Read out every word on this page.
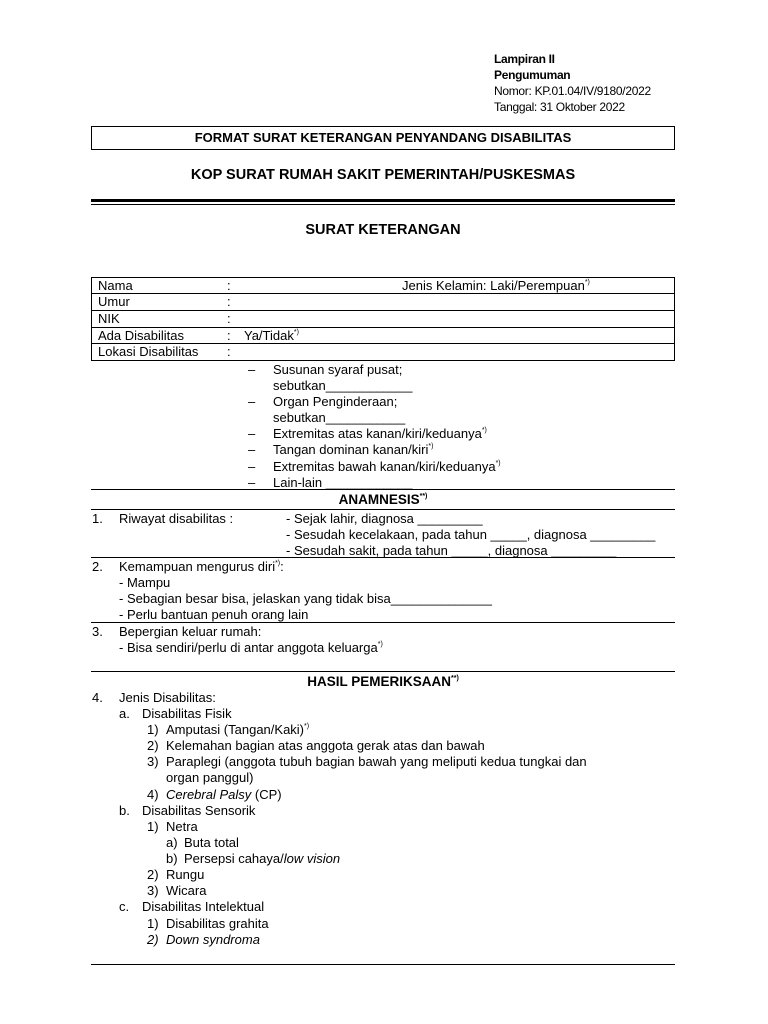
Lampiran II
Pengumuman
Nomor: KP.01.04/IV/9180/2022
Tanggal: 31 Oktober 2022
FORMAT SURAT KETERANGAN PENYANDANG DISABILITAS
KOP SURAT RUMAH SAKIT PEMERINTAH/PUSKESMAS
SURAT KETERANGAN
Nama	:	Jenis Kelamin: Laki/Perempuan*)
Umur	:
NIK	:
Ada Disabilitas	: Ya/Tidak*)
Lokasi Disabilitas :
– Susunan syaraf pusat;
sebutkan____________
– Organ Penginderaan;
sebutkan___________
– Extremitas atas kanan/kiri/keduanya*)
– Tangan dominan kanan/kiri*)
– Extremitas bawah kanan/kiri/keduanya*)
– Lain-lain ____________
ANAMNESIS**)
1. Riwayat disabilitas :	- Sejak lahir, diagnosa _________
- Sesudah kecelakaan, pada tahun _____, diagnosa _________
- Sesudah sakit, pada tahun _____, diagnosa _________
2. Kemampuan mengurus diri*):
- Mampu
- Sebagian besar bisa, jelaskan yang tidak bisa______________
- Perlu bantuan penuh orang lain
3. Bepergian keluar rumah:
- Bisa sendiri/perlu di antar anggota keluarga*)
HASIL PEMERIKSAAN**)
4. Jenis Disabilitas:
a. Disabilitas Fisik
1) Amputasi (Tangan/Kaki)*)
2) Kelemahan bagian atas anggota gerak atas dan bawah
3) Paraplegi (anggota tubuh bagian bawah yang meliputi kedua tungkai dan
organ panggul)
4) Cerebral Palsy (CP)
b. Disabilitas Sensorik
1) Netra
a) Buta total
b) Persepsi cahaya/low vision
2) Rungu
3) Wicara
c. Disabilitas Intelektual
1) Disabilitas grahita
2) Down syndroma
